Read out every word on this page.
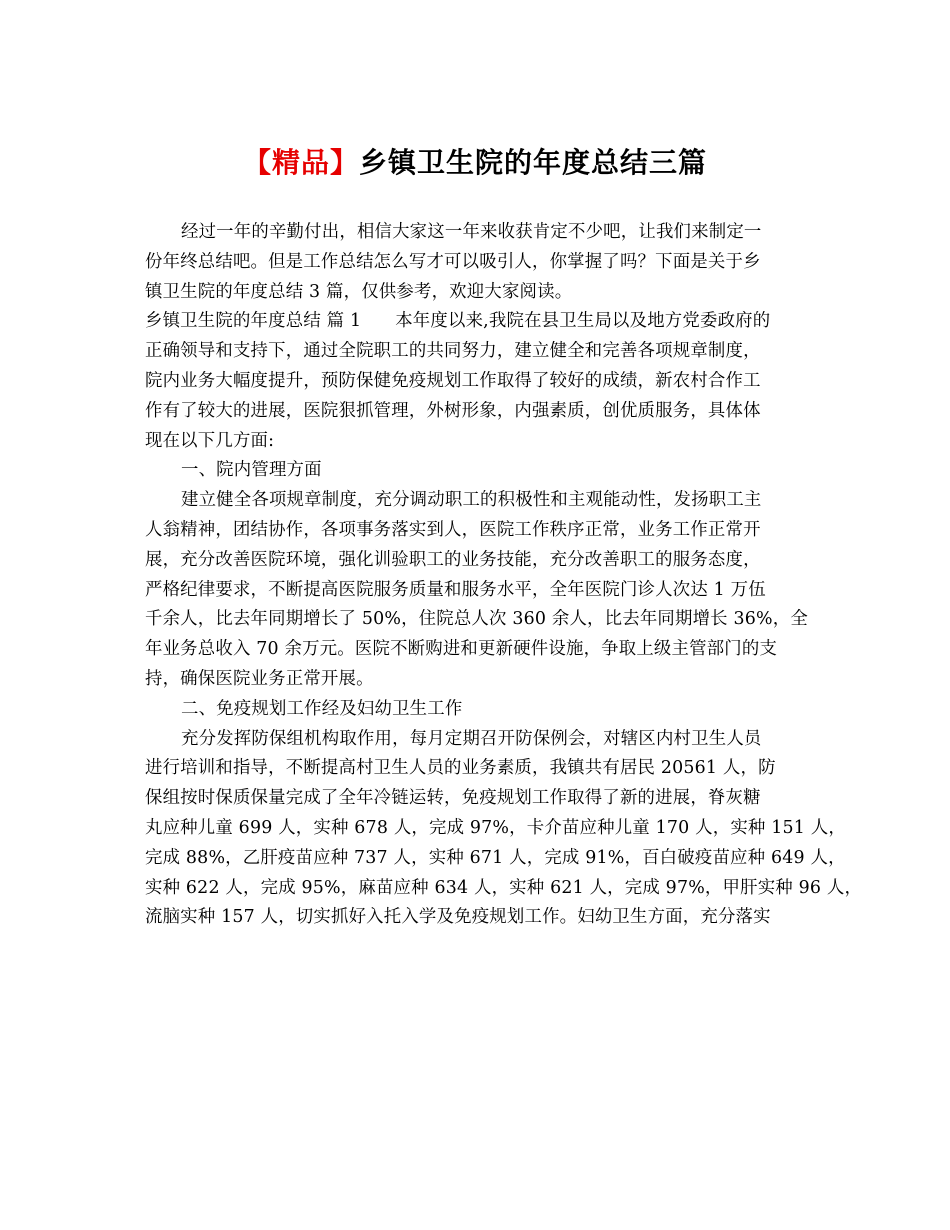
【精品】乡镇卫生院的年度总结三篇
经过一年的辛勤付出，相信大家这一年来收获肯定不少吧，让我们来制定一
份年终总结吧。但是工作总结怎么写才可以吸引人，你掌握了吗？下面是关于乡
镇卫生院的年度总结 3 篇，仅供参考，欢迎大家阅读。
乡镇卫生院的年度总结 篇 1 本年度以来,我院在县卫生局以及地方党委政府的
正确领导和支持下，通过全院职工的共同努力，建立健全和完善各项规章制度，
院内业务大幅度提升，预防保健免疫规划工作取得了较好的成绩，新农村合作工
作有了较大的进展，医院狠抓管理，外树形象，内强素质，创优质服务，具体体
现在以下几方面:
一、院内管理方面
建立健全各项规章制度，充分调动职工的积极性和主观能动性，发扬职工主
人翁精神，团结协作，各项事务落实到人，医院工作秩序正常，业务工作正常开
展，充分改善医院环境，强化训验职工的业务技能，充分改善职工的服务态度，
严格纪律要求，不断提高医院服务质量和服务水平，全年医院门诊人次达 1 万伍
千余人，比去年同期增长了 50%，住院总人次 360 余人，比去年同期增长 36%，全
年业务总收入 70 余万元。医院不断购进和更新硬件设施，争取上级主管部门的支
持，确保医院业务正常开展。
二、免疫规划工作经及妇幼卫生工作
充分发挥防保组机构取作用，每月定期召开防保例会，对辖区内村卫生人员
进行培训和指导，不断提高村卫生人员的业务素质，我镇共有居民 20561 人，防
保组按时保质保量完成了全年冷链运转，免疫规划工作取得了新的进展，脊灰糖
丸应种儿童 699 人，实种 678 人，完成 97%，卡介苗应种儿童 170 人，实种 151 人，
完成 88%，乙肝疫苗应种 737 人，实种 671 人，完成 91%，百白破疫苗应种 649 人，
实种 622 人，完成 95%，麻苗应种 634 人，实种 621 人，完成 97%，甲肝实种 96 人，
流脑实种 157 人，切实抓好入托入学及免疫规划工作。妇幼卫生方面，充分落实
